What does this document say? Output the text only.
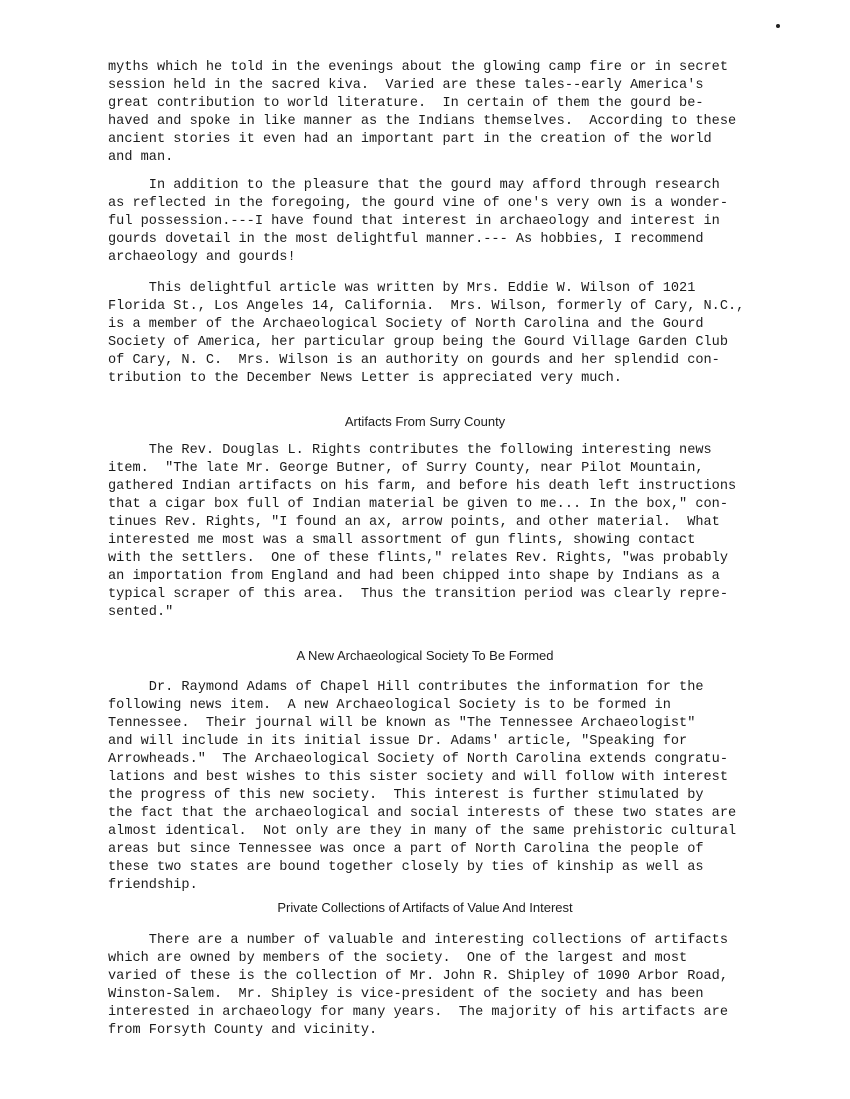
myths which he told in the evenings about the glowing camp fire or in secret
session held in the sacred kiva.  Varied are these tales--early America's
great contribution to world literature.  In certain of them the gourd be-
haved and spoke in like manner as the Indians themselves.  According to these
ancient stories it even had an important part in the creation of the world
and man.
In addition to the pleasure that the gourd may afford through research
as reflected in the foregoing, the gourd vine of one's very own is a wonder-
ful possession.---I have found that interest in archaeology and interest in
gourds dovetail in the most delightful manner.--- As hobbies, I recommend
archaeology and gourds!
This delightful article was written by Mrs. Eddie W. Wilson of 1021
Florida St., Los Angeles 14, California.  Mrs. Wilson, formerly of Cary, N.C.,
is a member of the Archaeological Society of North Carolina and the Gourd
Society of America, her particular group being the Gourd Village Garden Club
of Cary, N. C.  Mrs. Wilson is an authority on gourds and her splendid con-
tribution to the December News Letter is appreciated very much.
Artifacts From Surry County
The Rev. Douglas L. Rights contributes the following interesting news
item.  "The late Mr. George Butner, of Surry County, near Pilot Mountain,
gathered Indian artifacts on his farm, and before his death left instructions
that a cigar box full of Indian material be given to me... In the box," con-
tinues Rev. Rights, "I found an ax, arrow points, and other material.  What
interested me most was a small assortment of gun flints, showing contact
with the settlers.  One of these flints," relates Rev. Rights, "was probably
an importation from England and had been chipped into shape by Indians as a
typical scraper of this area.  Thus the transition period was clearly repre-
sented."
A New Archaeological Society To Be Formed
Dr. Raymond Adams of Chapel Hill contributes the information for the
following news item.  A new Archaeological Society is to be formed in
Tennessee.  Their journal will be known as "The Tennessee Archaeologist"
and will include in its initial issue Dr. Adams' article, "Speaking for
Arrowheads."  The Archaeological Society of North Carolina extends congratu-
lations and best wishes to this sister society and will follow with interest
the progress of this new society.  This interest is further stimulated by
the fact that the archaeological and social interests of these two states are
almost identical.  Not only are they in many of the same prehistoric cultural
areas but since Tennessee was once a part of North Carolina the people of
these two states are bound together closely by ties of kinship as well as
friendship.
Private Collections of Artifacts of Value And Interest
There are a number of valuable and interesting collections of artifacts
which are owned by members of the society.  One of the largest and most
varied of these is the collection of Mr. John R. Shipley of 1090 Arbor Road,
Winston-Salem.  Mr. Shipley is vice-president of the society and has been
interested in archaeology for many years.  The majority of his artifacts are
from Forsyth County and vicinity.
